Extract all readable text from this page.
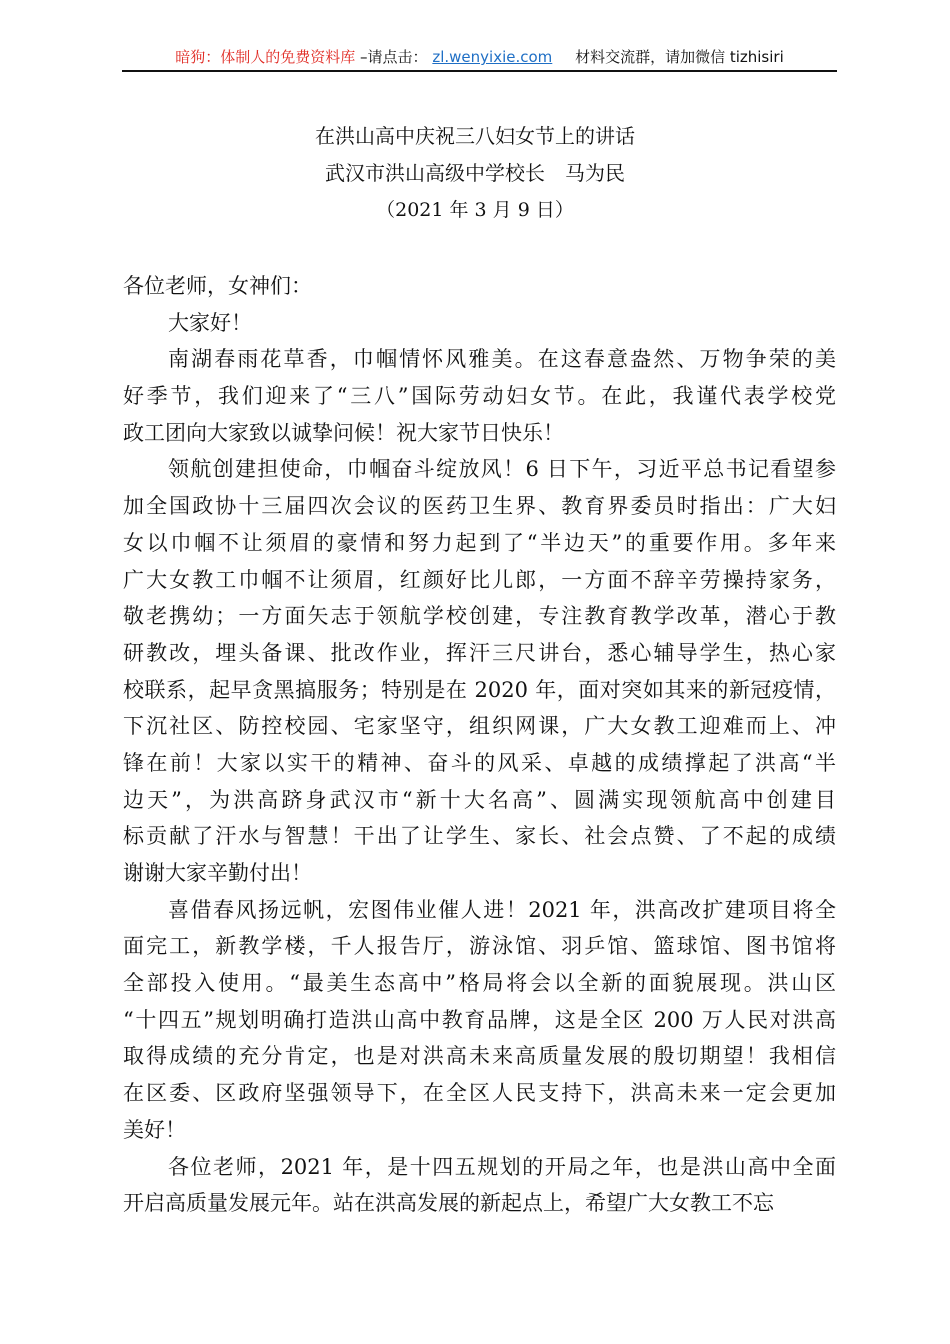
暗狗：体制人的免费资料库 –请点击： zl.wenyixie.com 材料交流群，请加微信 tizhisiri
在洪山高中庆祝三八妇女节上的讲话
武汉市洪山高级中学校长　马为民
（2021 年 3 月 9 日）
各位老师，女神们：
大家好！
南湖春雨花草香，巾帼情怀风雅美。在这春意盎然、万物争荣的美
好季节，我们迎来了“三八”国际劳动妇女节。在此，我谨代表学校党
政工团向大家致以诚挚问候！祝大家节日快乐！
领航创建担使命，巾帼奋斗绽放风！6 日下午，习近平总书记看望参
加全国政协十三届四次会议的医药卫生界、教育界委员时指出：广大妇
女以巾帼不让须眉的豪情和努力起到了“半边天”的重要作用。多年来
广大女教工巾帼不让须眉，红颜好比儿郎，一方面不辞辛劳操持家务，
敬老携幼；一方面矢志于领航学校创建，专注教育教学改革，潜心于教
研教改，埋头备课、批改作业，挥汗三尺讲台，悉心辅导学生，热心家
校联系，起早贪黑搞服务；特别是在 2020 年，面对突如其来的新冠疫情，
下沉社区、防控校园、宅家坚守，组织网课，广大女教工迎难而上、冲
锋在前！大家以实干的精神、奋斗的风采、卓越的成绩撑起了洪高“半
边天”，为洪高跻身武汉市“新十大名高”、圆满实现领航高中创建目
标贡献了汗水与智慧！干出了让学生、家长、社会点赞、了不起的成绩
谢谢大家辛勤付出！
喜借春风扬远帆，宏图伟业催人进！2021 年，洪高改扩建项目将全
面完工，新教学楼，千人报告厅，游泳馆、羽乒馆、篮球馆、图书馆将
全部投入使用。“最美生态高中”格局将会以全新的面貌展现。洪山区
“十四五”规划明确打造洪山高中教育品牌，这是全区 200 万人民对洪高
取得成绩的充分肯定，也是对洪高未来高质量发展的殷切期望！我相信
在区委、区政府坚强领导下，在全区人民支持下，洪高未来一定会更加
美好！
各位老师，2021 年，是十四五规划的开局之年，也是洪山高中全面
开启高质量发展元年。站在洪高发展的新起点上，希望广大女教工不忘
